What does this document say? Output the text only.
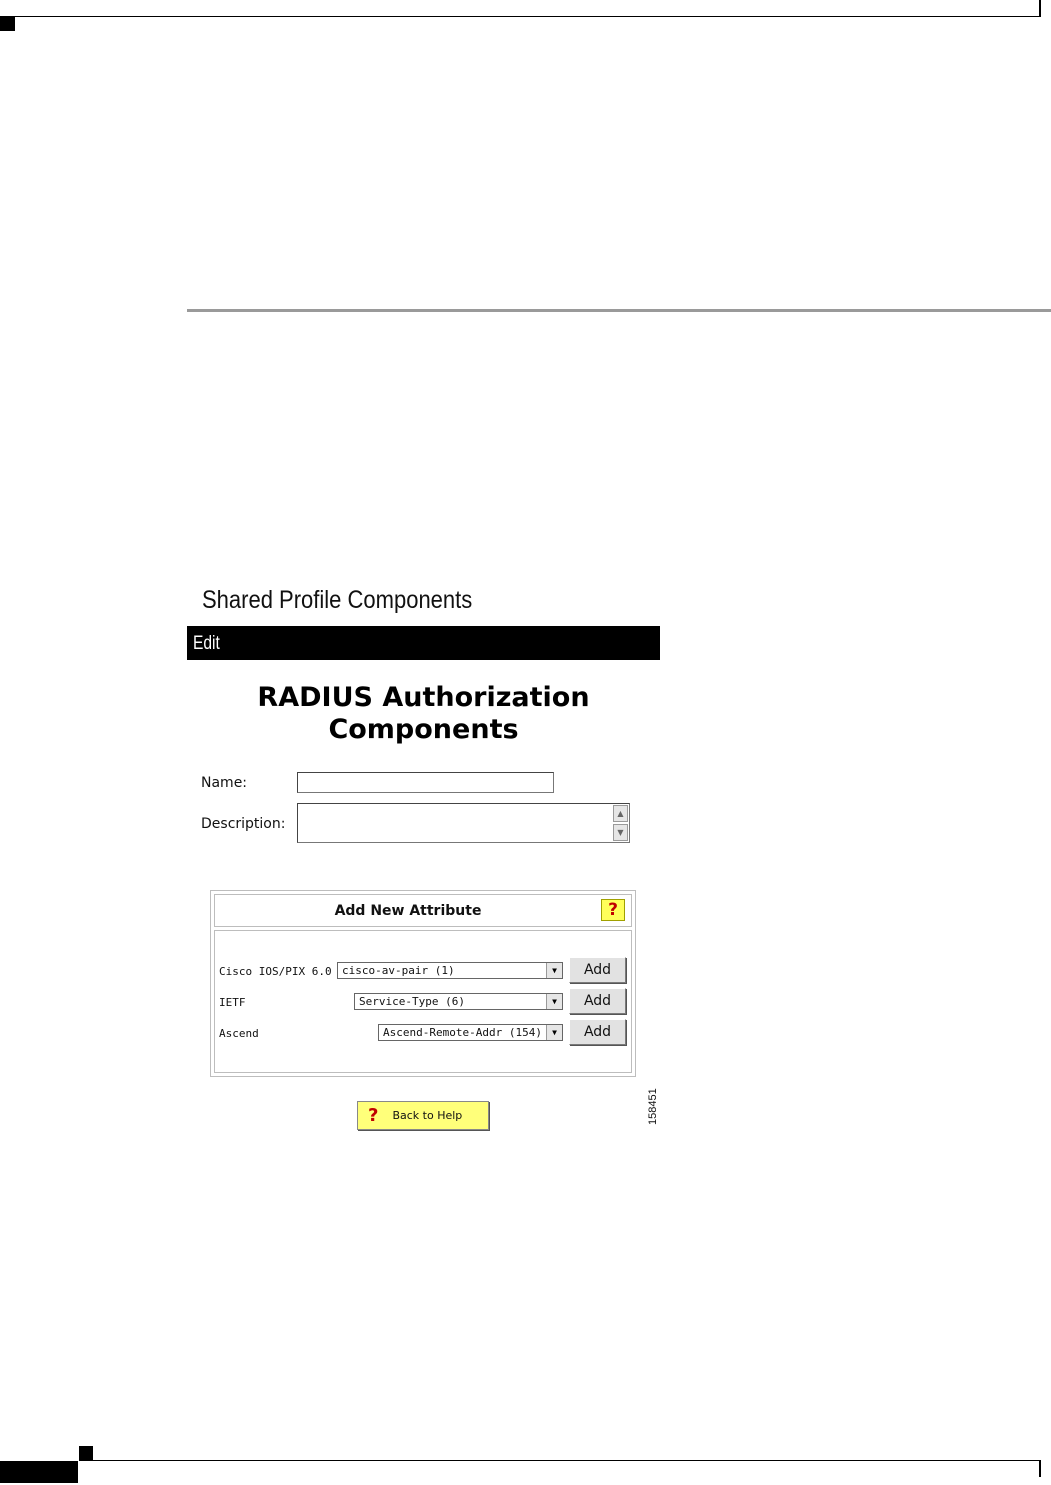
Shared Profile Components
Edit
RADIUS Authorization
Components
Name:
Description:
▲
▼
Add New Attribute	?
Cisco IOS/PIX 6.0 cisco-av-pair (1)	▼	Add
IETF	Service-Type (6)	▼	Add
Ascend	Ascend-Remote-Addr (154)	▼	Add
? Back to Help	158451
